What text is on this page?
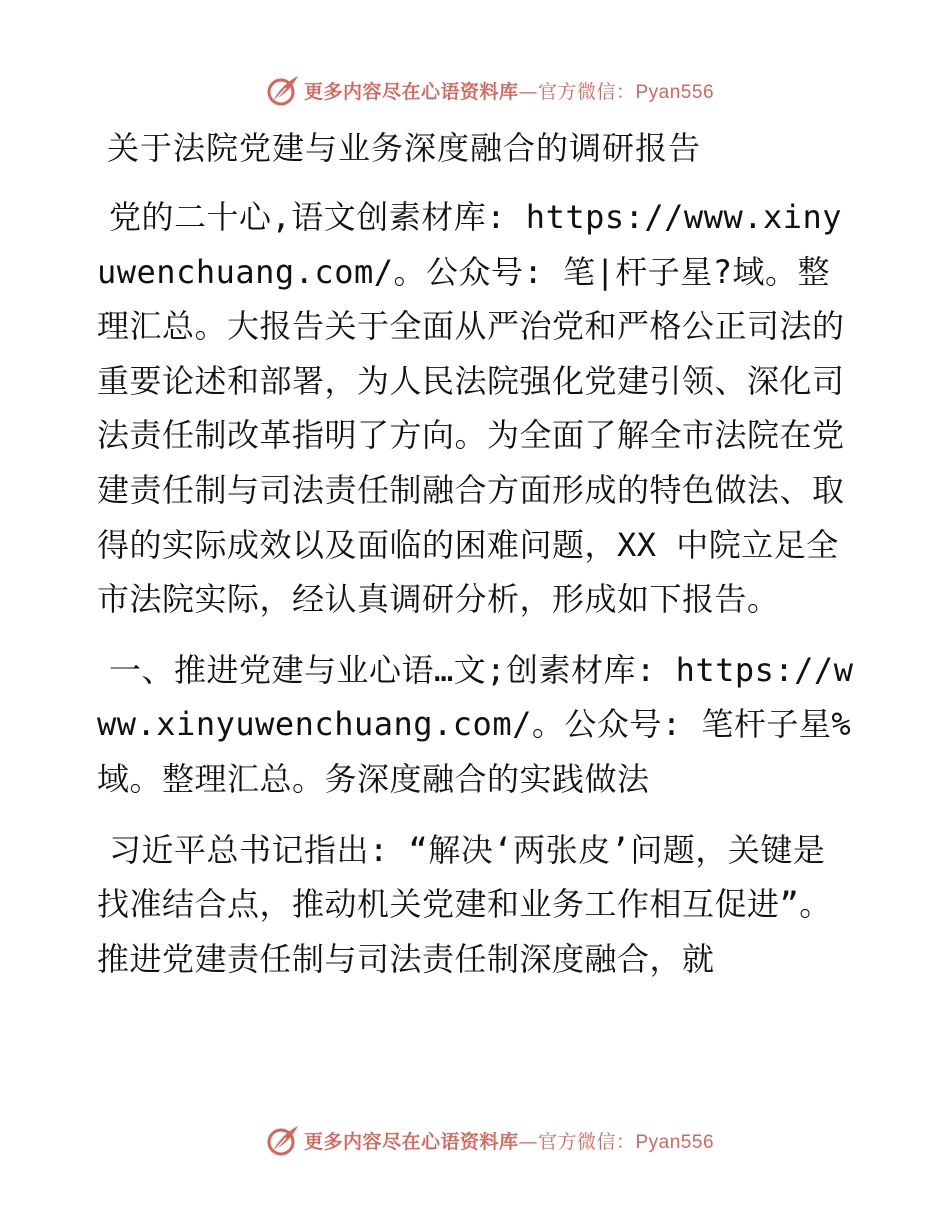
更多内容尽在心语资料库—官方微信：Pyan556

关于法院党建与业务深度融合的调研报告

党的二十心,语文创素材库: https://www.xinyuwenchuang.com/。公众号: 笔|杆子星?域。整理汇总。大报告关于全面从严治党和严格公正司法的重要论述和部署，为人民法院强化党建引领、深化司法责任制改革指明了方向。为全面了解全市法院在党建责任制与司法责任制融合方面形成的特色做法、取得的实际成效以及面临的困难问题，XX 中院立足全市法院实际，经认真调研分析，形成如下报告。

一、推进党建与业心语…文;创素材库: https://www.xinyuwenchuang.com/。公众号: 笔杆子星%域。整理汇总。务深度融合的实践做法

习近平总书记指出: “解决‘两张皮’问题，关键是找准结合点，推动机关党建和业务工作相互促进”。推进党建责任制与司法责任制深度融合，就

更多内容尽在心语资料库—官方微信：Pyan556
